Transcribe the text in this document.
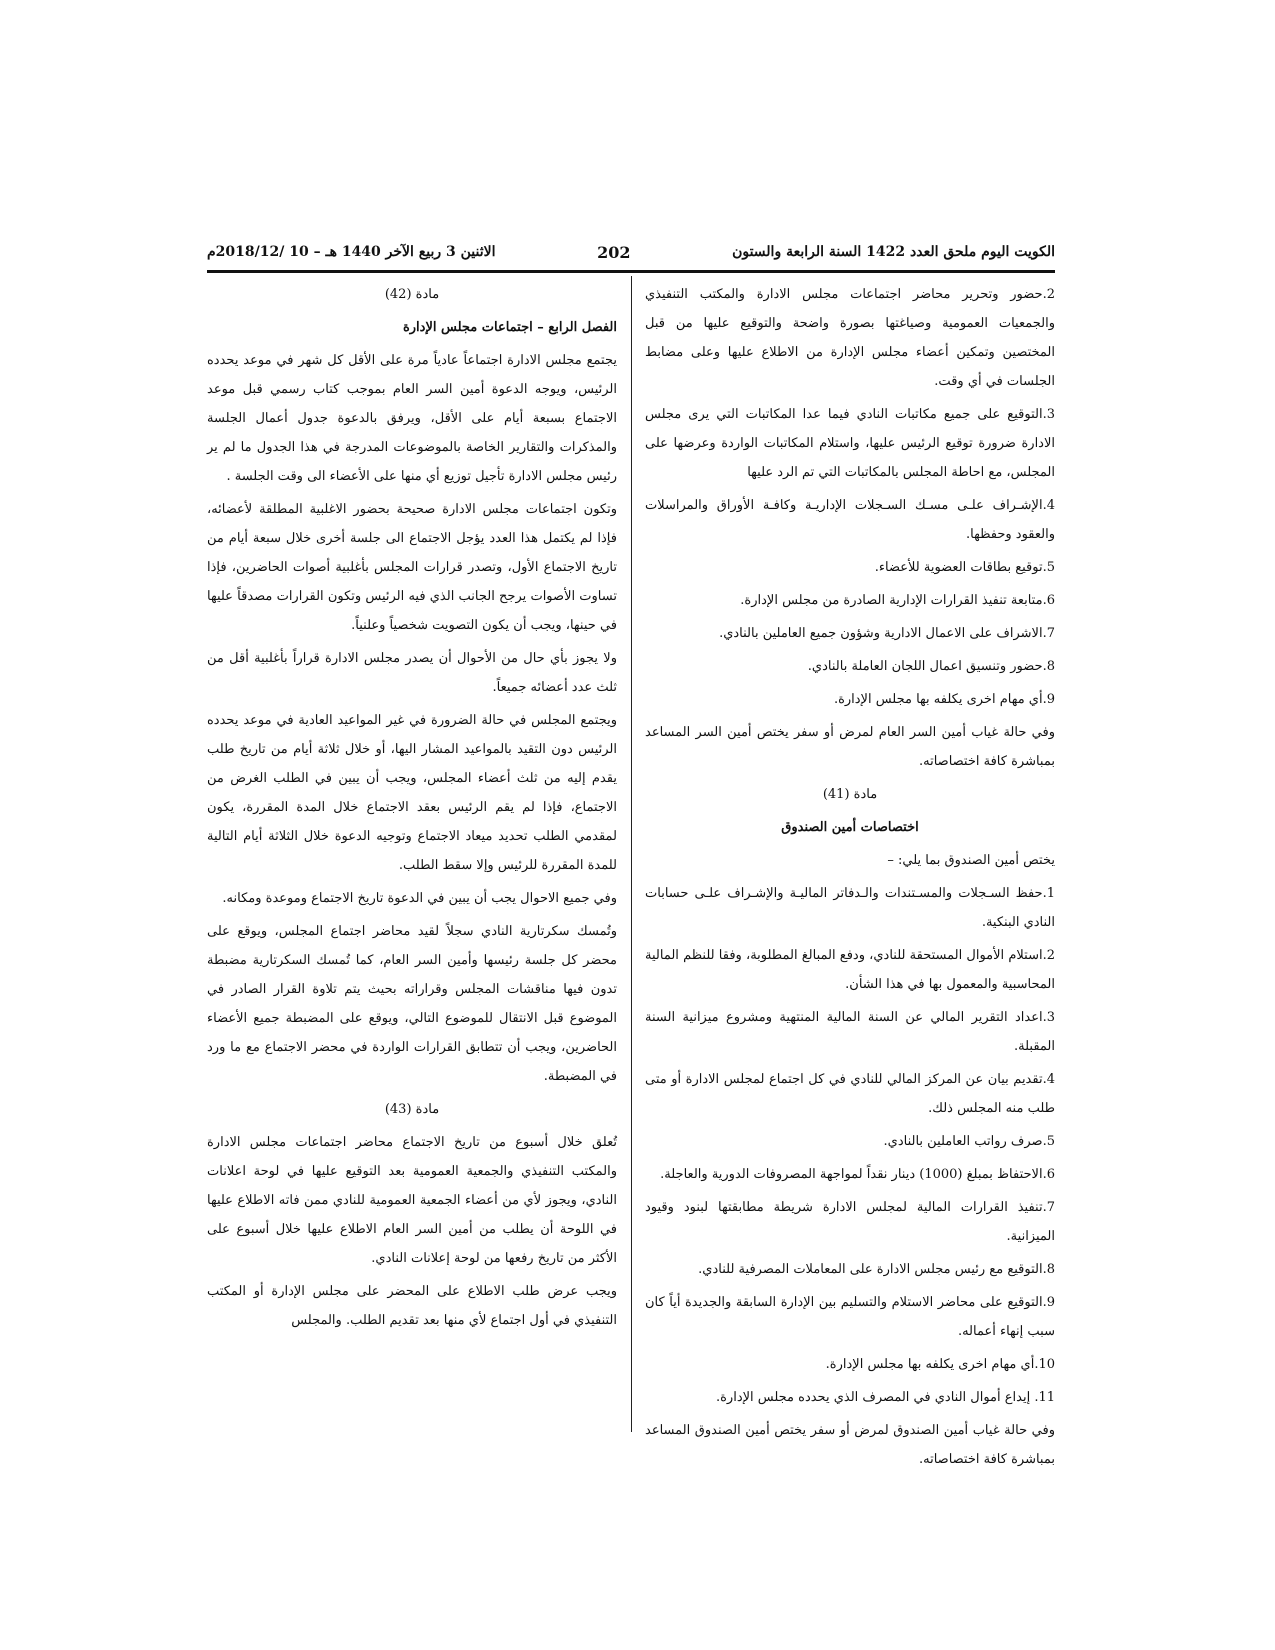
الكويت اليوم ملحق العدد 1422 السنة الرابعة والستون
202
الاثنين 3 ربيع الآخر 1440 هـ – 10 /2018/12م

2.حضور وتحرير محاضر اجتماعات مجلس الادارة والمكتب التنفيذي والجمعيات العمومية وصياغتها بصورة واضحة والتوقيع عليها من قبل المختصين وتمكين أعضاء مجلس الإدارة من الاطلاع عليها وعلى مضابط الجلسات في أي وقت.

3.التوقيع على جميع مكاتبات النادي فيما عدا المكاتبات التي يرى مجلس الادارة ضرورة توقيع الرئيس عليها، واستلام المكاتبات الواردة وعرضها على المجلس، مع احاطة المجلس بالمكاتبات التي تم الرد عليها

4.الإشـراف علـى مسـك السـجلات الإداريـة وكافـة الأوراق والمراسلات والعقود وحفظها.

5.توقيع بطاقات العضوية للأعضاء.

6.متابعة تنفيذ القرارات الإدارية الصادرة من مجلس الإدارة.

7.الاشراف على الاعمال الادارية وشؤون جميع العاملين بالنادي.

8.حضور وتنسيق اعمال اللجان العاملة بالنادي.

9.أي مهام اخرى يكلفه بها مجلس الإدارة.

وفي حالة غياب أمين السر العام لمرض أو سفر يختص أمين السر المساعد بمباشرة كافة اختصاصاته.

مادة (41)

اختصاصات أمين الصندوق

يختص أمين الصندوق بما يلي: –

1.حفظ السـجلات والمسـتندات والـدفاتر الماليـة والإشـراف علـى حسابات النادي البنكية.

2.استلام الأموال المستحقة للنادي، ودفع المبالغ المطلوبة، وفقا للنظم المالية المحاسبية والمعمول بها في هذا الشأن.

3.اعداد التقرير المالي عن السنة المالية المنتهية ومشروع ميزانية السنة المقبلة.

4.تقديم بيان عن المركز المالي للنادي في كل اجتماع لمجلس الادارة أو متى طلب منه المجلس ذلك.

5.صرف رواتب العاملين بالنادي.

6.الاحتفاظ بمبلغ (1000) دينار نقداً لمواجهة المصروفات الدورية والعاجلة.

7.تنفيذ القرارات المالية لمجلس الادارة شريطة مطابقتها لبنود وقيود الميزانية.

8.التوقيع مع رئيس مجلس الادارة على المعاملات المصرفية للنادي.

9.التوقيع على محاضر الاستلام والتسليم بين الإدارة السابقة والجديدة أياً كان سبب إنهاء أعماله.

10.أي مهام اخرى يكلفه بها مجلس الإدارة.

11. إيداع أموال النادي في المصرف الذي يحدده مجلس الإدارة.

وفي حالة غياب أمين الصندوق لمرض أو سفر يختص أمين الصندوق المساعد بمباشرة كافة اختصاصاته.

مادة (42)

الفصل الرابع – اجتماعات مجلس الإدارة

يجتمع مجلس الادارة اجتماعاً عادياً مرة على الأقل كل شهر في موعد يحدده الرئيس، ويوجه الدعوة أمين السر العام بموجب كتاب رسمي قبل موعد الاجتماع بسبعة أيام على الأقل، ويرفق بالدعوة جدول أعمال الجلسة والمذكرات والتقارير الخاصة بالموضوعات المدرجة في هذا الجدول ما لم ير رئيس مجلس الادارة تأجيل توزيع أي منها على الأعضاء الى وقت الجلسة .

وتكون اجتماعات مجلس الادارة صحيحة بحضور الاغلبية المطلقة لأعضائه، فإذا لم يكتمل هذا العدد يؤجل الاجتماع الى جلسة أخرى خلال سبعة أيام من تاريخ الاجتماع الأول، وتصدر قرارات المجلس بأغلبية أصوات الحاضرين، فإذا تساوت الأصوات يرجح الجانب الذي فيه الرئيس وتكون القرارات مصدقاً عليها في حينها، ويجب أن يكون التصويت شخصياً وعلنياً.

ولا يجوز بأي حال من الأحوال أن يصدر مجلس الادارة قراراً بأغلبية أقل من ثلث عدد أعضائه جميعاً.

ويجتمع المجلس في حالة الضرورة في غير المواعيد العادية في موعد يحدده الرئيس دون التقيد بالمواعيد المشار اليها، أو خلال ثلاثة أيام من تاريخ طلب يقدم إليه من ثلث أعضاء المجلس، ويجب أن يبين في الطلب الغرض من الاجتماع، فإذا لم يقم الرئيس بعقد الاجتماع خلال المدة المقررة، يكون لمقدمي الطلب تحديد ميعاد الاجتماع وتوجيه الدعوة خلال الثلاثة أيام التالية للمدة المقررة للرئيس وإلا سقط الطلب.

وفي جميع الاحوال يجب أن يبين في الدعوة تاريخ الاجتماع وموعدة ومكانه.

وتُمسك سكرتارية النادي سجلاً لقيد محاضر اجتماع المجلس، ويوقع على محضر كل جلسة رئيسها وأمين السر العام، كما تُمسك السكرتارية مضبطة تدون فيها مناقشات المجلس وقراراته بحيث يتم تلاوة القرار الصادر في الموضوع قبل الانتقال للموضوع التالي، ويوقع على المضبطة جميع الأعضاء الحاضرين، ويجب أن تتطابق القرارات الواردة في محضر الاجتماع مع ما ورد في المضبطة.

مادة (43)

تُعلق خلال أسبوع من تاريخ الاجتماع محاضر اجتماعات مجلس الادارة والمكتب التنفيذي والجمعية العمومية بعد التوقيع عليها في لوحة اعلانات النادي، ويجوز لأي من أعضاء الجمعية العمومية للنادي ممن فاته الاطلاع عليها في اللوحة أن يطلب من أمين السر العام الاطلاع عليها خلال أسبوع على الأكثر من تاريخ رفعها من لوحة إعلانات النادي.

ويجب عرض طلب الاطلاع على المحضر على مجلس الإدارة أو المكتب التنفيذي في أول اجتماع لأي منها بعد تقديم الطلب. والمجلس
